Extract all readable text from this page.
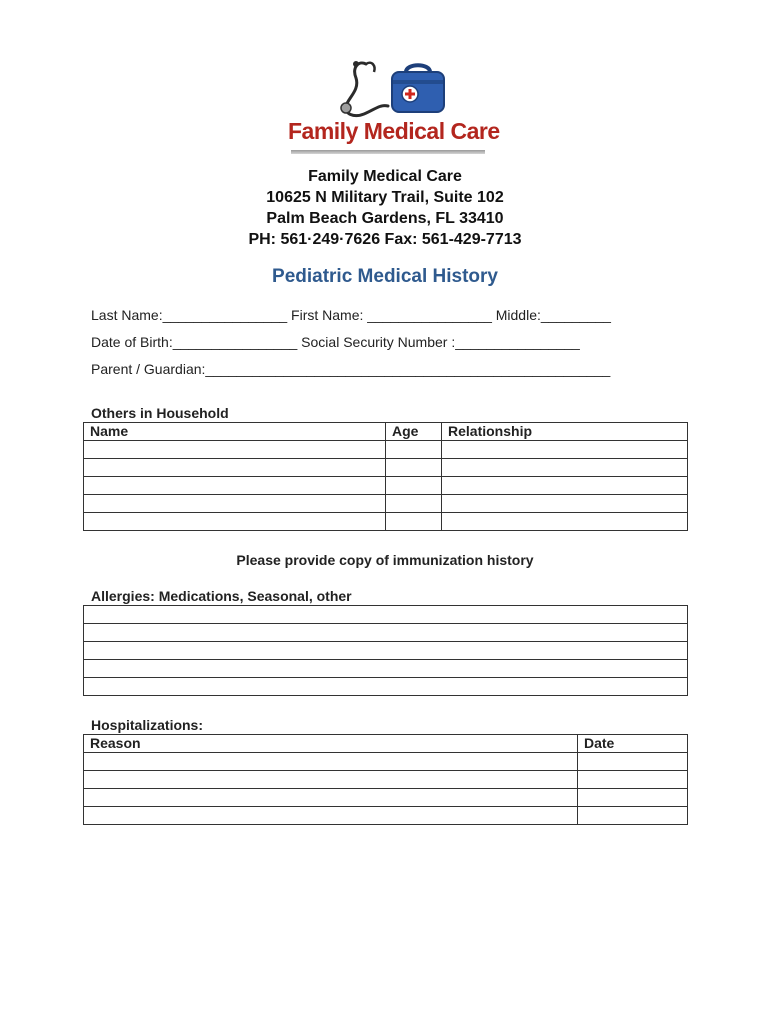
Family Medical Care
Family Medical Care
10625 N Military Trail, Suite 102
Palm Beach Gardens, FL 33410
PH: 561·249·7626 Fax: 561-429-7713
Pediatric Medical History
Last Name:________________ First Name: ________________ Middle:_________
Date of Birth:________________ Social Security Number :________________
Parent / Guardian:____________________________________________________
Others in Household
Name	Age	Relationship

Please provide copy of immunization history
Allergies: Medications, Seasonal, other

Hospitalizations:
Reason	Date
